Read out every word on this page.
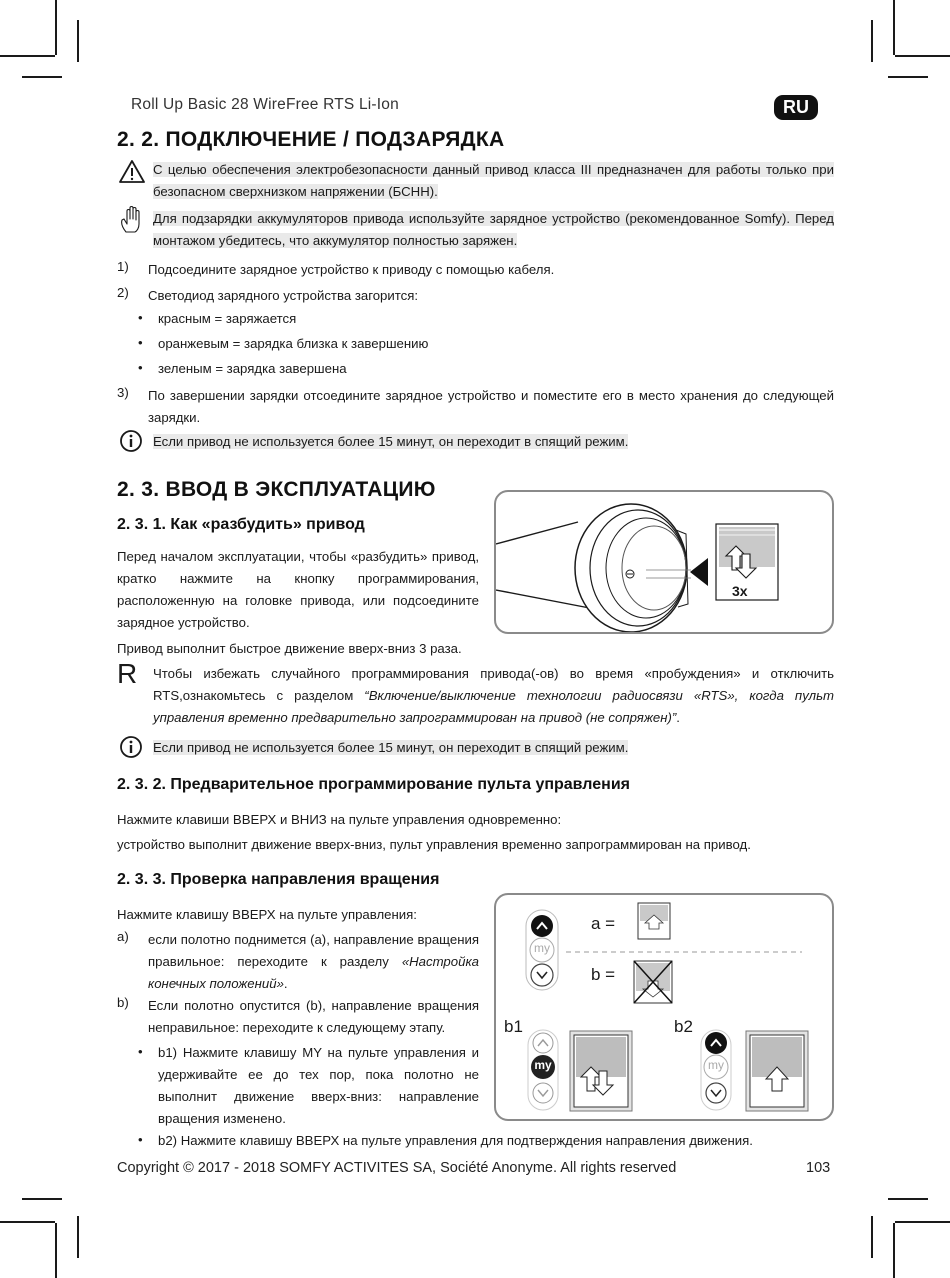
Roll Up Basic 28 WireFree RTS Li-Ion	RU
2. 2. ПОДКЛЮЧЕНИЕ / ПОДЗАРЯДКА
С целью обеспечения электробезопасности данный привод класса III предназначен для работы только при безопасном сверхнизком напряжении (БСНН).
Для подзарядки аккумуляторов привода используйте зарядное устройство (рекомендованное Somfy). Перед монтажом убедитесь, что аккумулятор полностью заряжен.
1) Подсоедините зарядное устройство к приводу с помощью кабеля.
2) Светодиод зарядного устройства загорится:
• красным = заряжается
• оранжевым = зарядка близка к завершению
• зеленым = зарядка завершена
3) По завершении зарядки отсоедините зарядное устройство и поместите его в место хранения до следующей зарядки.
Если привод не используется более 15 минут, он переходит в спящий режим.
2. 3. ВВОД В ЭКСПЛУАТАЦИЮ
2. 3. 1. Как «разбудить» привод
Перед началом эксплуатации, чтобы «разбудить» привод, кратко нажмите на кнопку программирования, расположенную на головке привода, или подсоедините зарядное устройство.
Привод выполнит быстрое движение вверх-вниз 3 раза.
3x
R Чтобы избежать случайного программирования привода(-ов) во время «пробуждения» и отключить RTS,ознакомьтесь с разделом “Включение/выключение технологии радиосвязи «RTS», когда пульт управления временно предварительно запрограммирован на привод (не сопряжен)”.
Если привод не используется более 15 минут, он переходит в спящий режим.
2. 3. 2. Предварительное программирование пульта управления
Нажмите клавиши ВВЕРХ и ВНИЗ на пульте управления одновременно:
устройство выполнит движение вверх-вниз, пульт управления временно запрограммирован на привод.
2. 3. 3. Проверка направления вращения
Нажмите клавишу ВВЕРХ на пульте управления:
a) если полотно поднимется (a), направление вращения правильное: переходите к разделу «Настройка конечных положений».
b) Если полотно опустится (b), направление вращения неправильное: переходите к следующему этапу.
• b1) Нажмите клавишу MY на пульте управления и удерживайте ее до тех пор, пока полотно не выполнит движение вверх-вниз: направление вращения изменено.
• b2) Нажмите клавишу ВВЕРХ на пульте управления для подтверждения направления движения.
a =
b =
my
my	my
b1	b2
Copyright © 2017 - 2018 SOMFY ACTIVITES SA, Société Anonyme. All rights reserved	103
